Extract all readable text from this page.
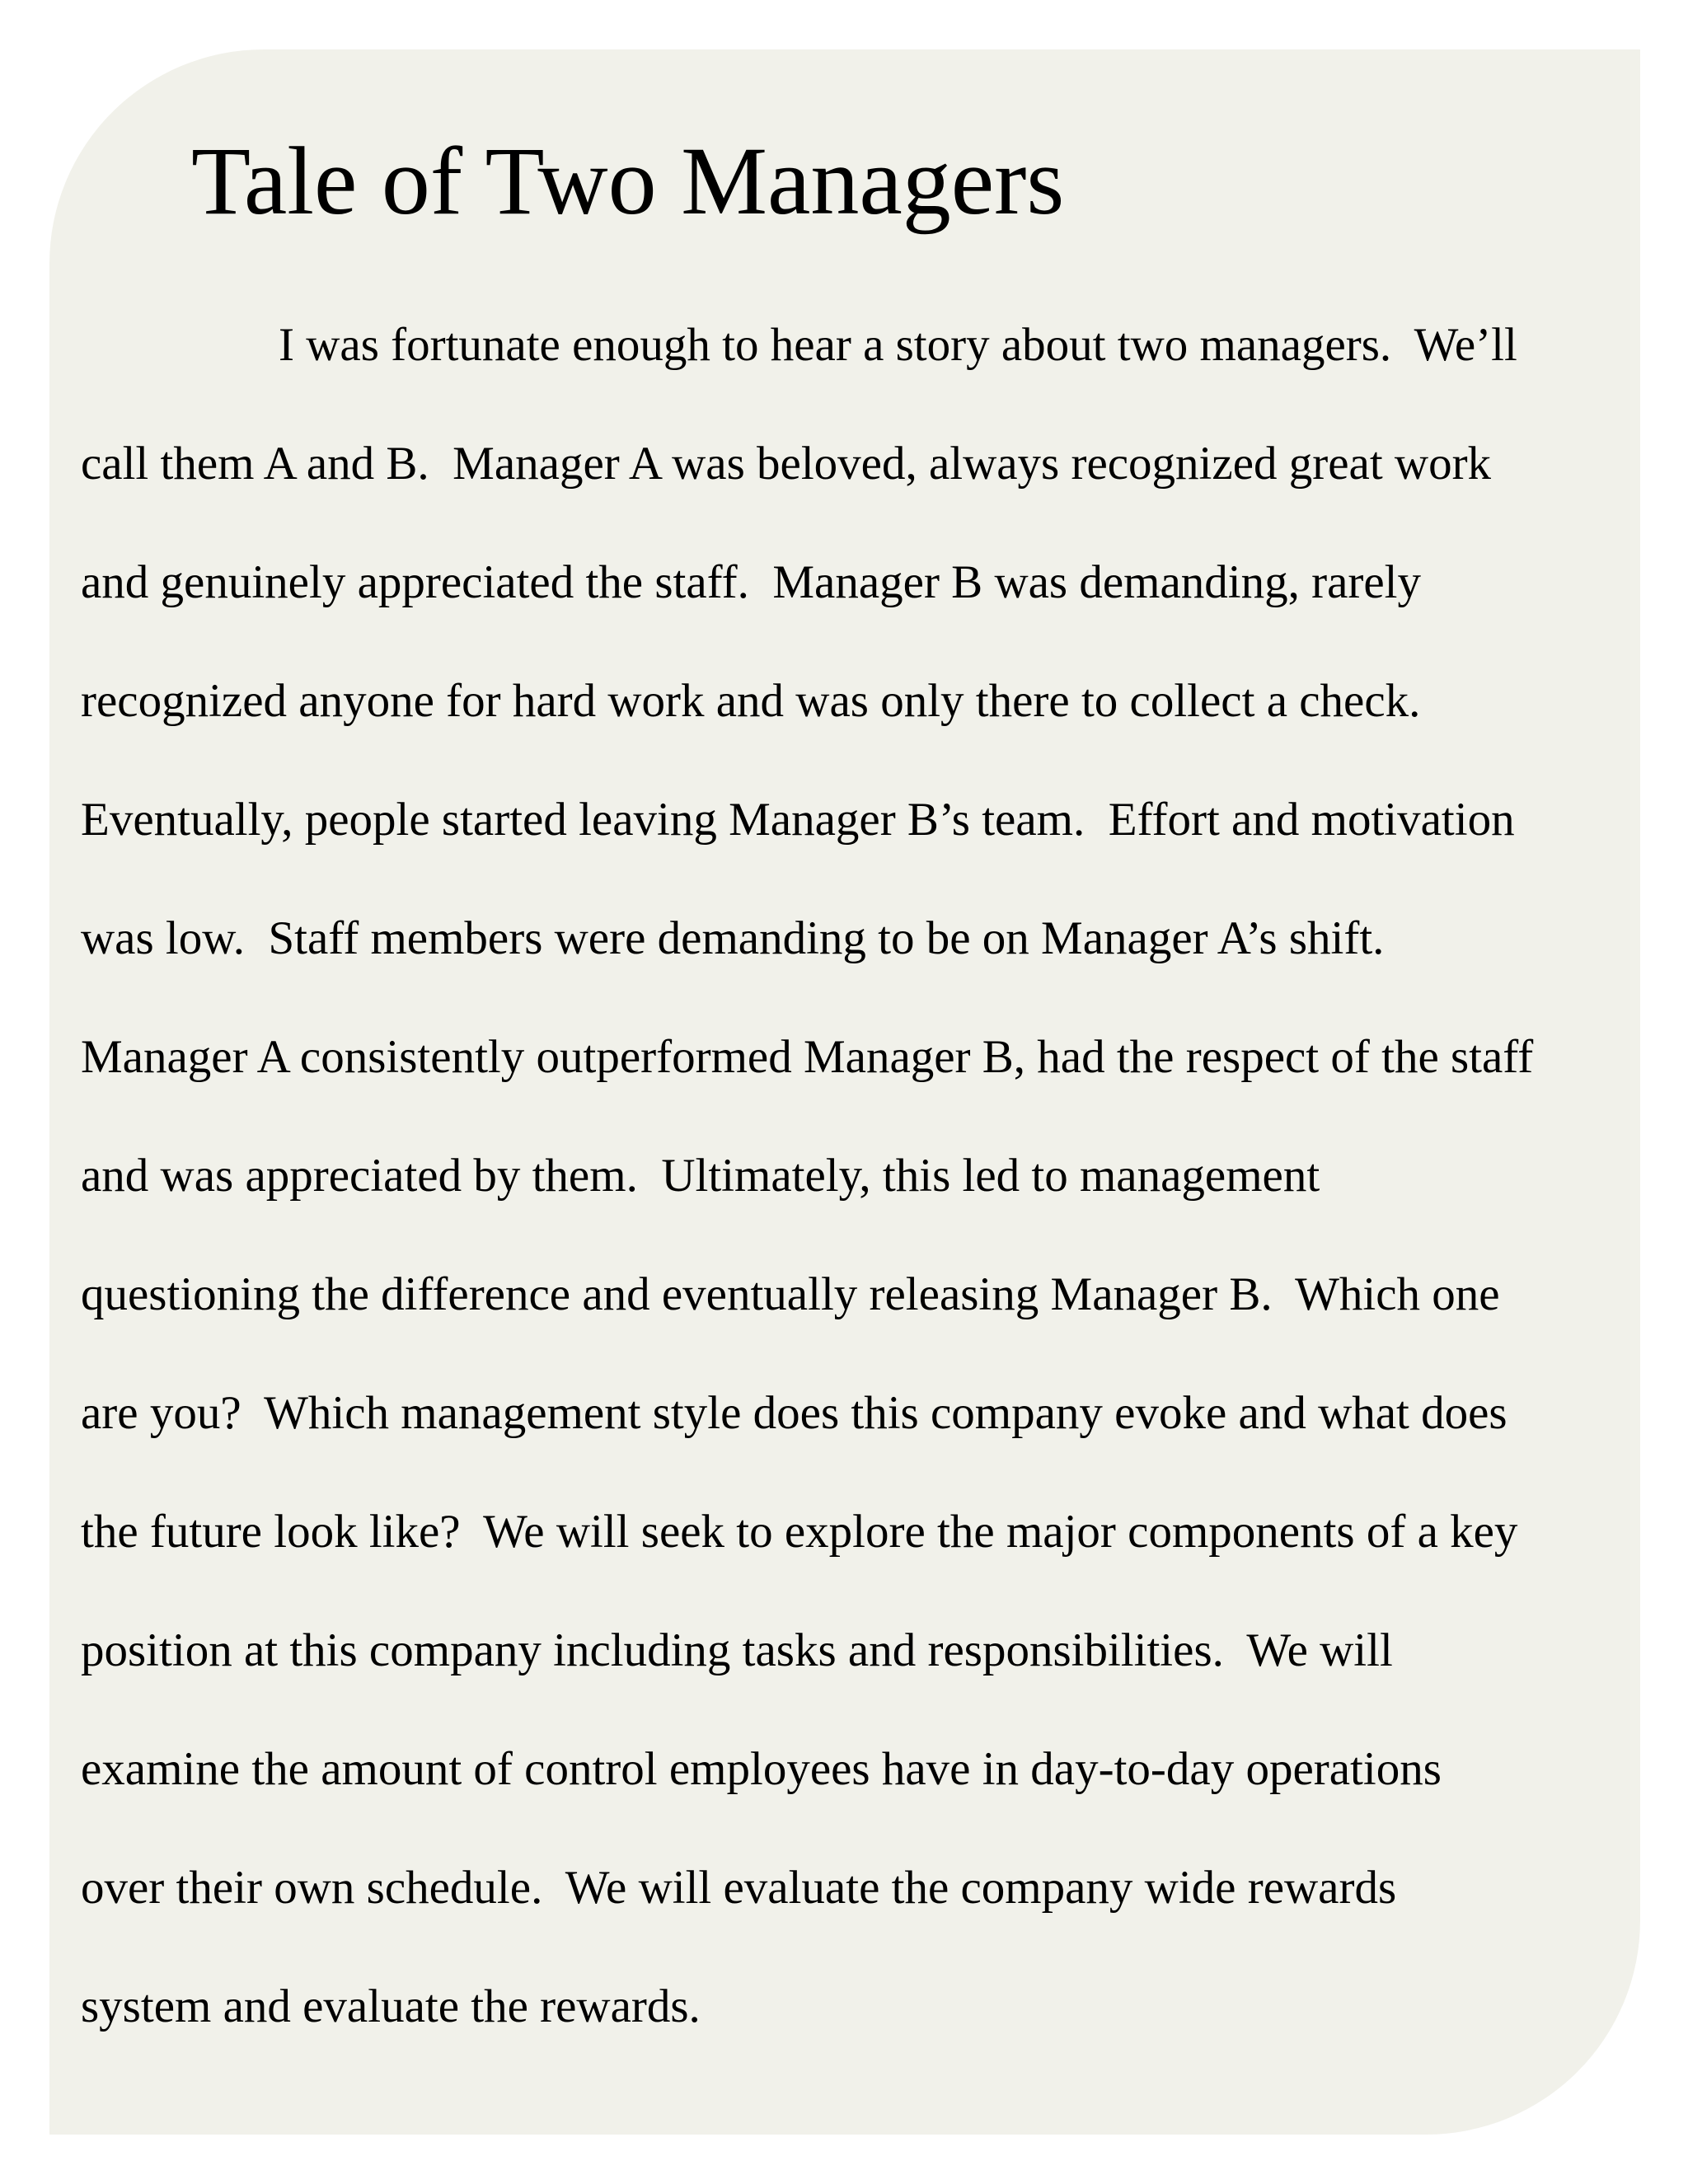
Tale of Two Managers
I was fortunate enough to hear a story about two managers.  We’ll
call them A and B.  Manager A was beloved, always recognized great work
and genuinely appreciated the staff.  Manager B was demanding, rarely
recognized anyone for hard work and was only there to collect a check.
Eventually, people started leaving Manager B’s team.  Effort and motivation
was low.  Staff members were demanding to be on Manager A’s shift.
Manager A consistently outperformed Manager B, had the respect of the staff
and was appreciated by them.  Ultimately, this led to management
questioning the difference and eventually releasing Manager B.  Which one
are you?  Which management style does this company evoke and what does
the future look like?  We will seek to explore the major components of a key
position at this company including tasks and responsibilities.  We will
examine the amount of control employees have in day-to-day operations
over their own schedule.  We will evaluate the company wide rewards
system and evaluate the rewards.
